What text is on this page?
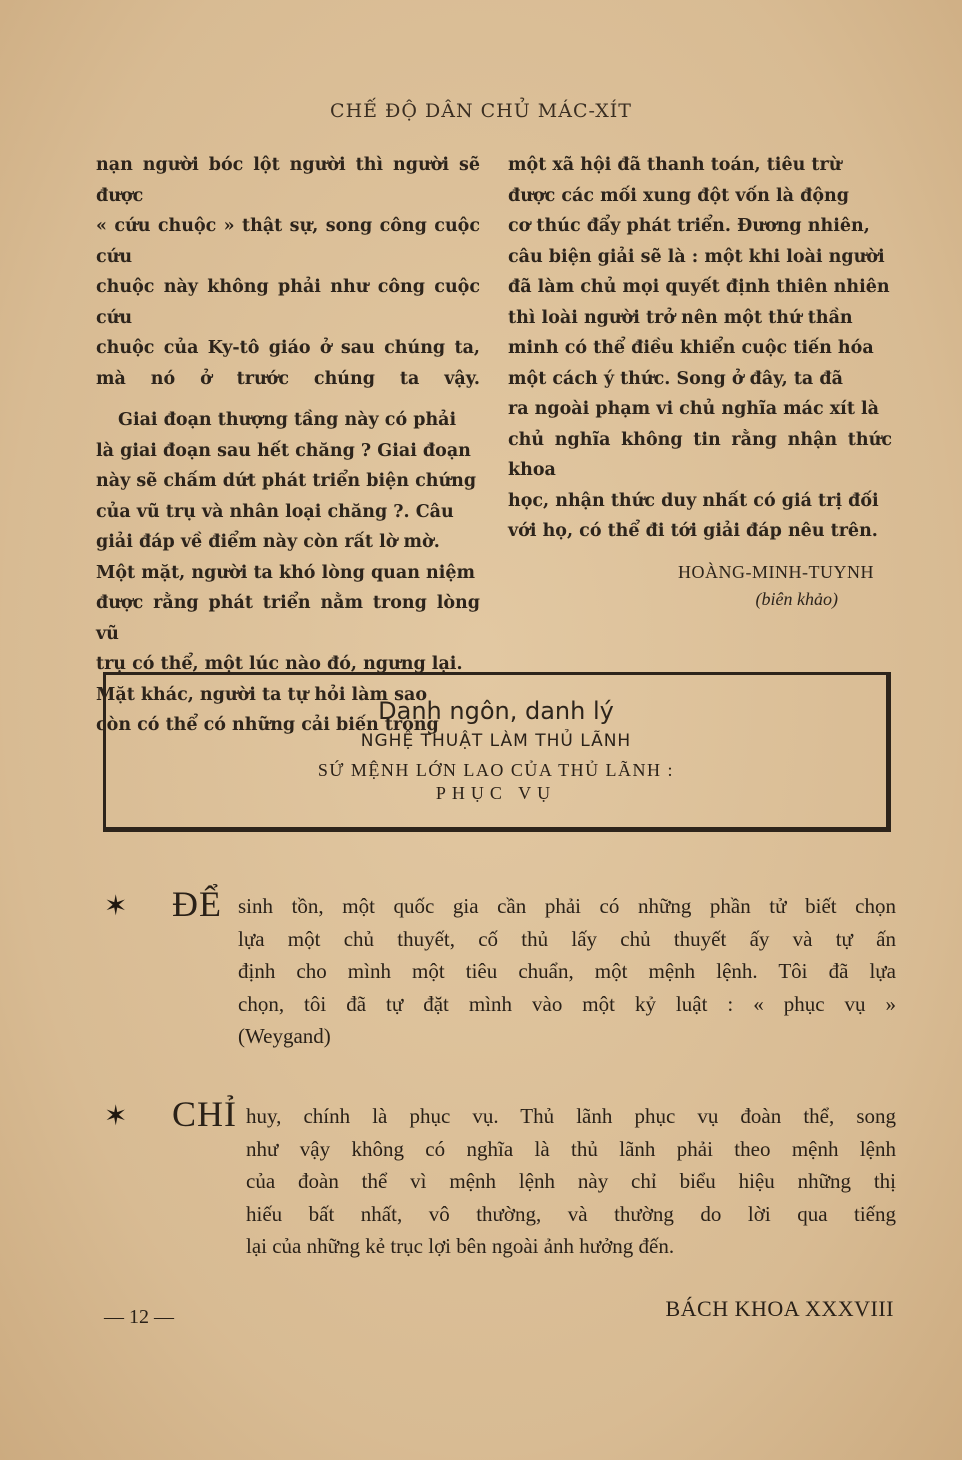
CHẾ ĐỘ DÂN CHỦ MÁC-XÍT

nạn người bóc lột người thì người sẽ được
« cứu chuộc » thật sự, song công cuộc cứu
chuộc này không phải như công cuộc cứu
chuộc của Ky-tô giáo ở sau chúng ta,
mà nó ở trước chúng ta vậy.

Giai đoạn thượng tầng này có phải
là giai đoạn sau hết chăng ? Giai đoạn
này sẽ chấm dứt phát triển biện chứng
của vũ trụ và nhân loại chăng ?. Câu
giải đáp về điểm này còn rất lờ mờ.
Một mặt, người ta khó lòng quan niệm
được rằng phát triển nằm trong lòng vũ
trụ có thể, một lúc nào đó, ngưng lại.
Mặt khác, người ta tự hỏi làm sao
còn có thể có những cải biến trong

một xã hội đã thanh toán, tiêu trừ
được các mối xung đột vốn là động
cơ thúc đẩy phát triển. Đương nhiên,
câu biện giải sẽ là : một khi loài người
đã làm chủ mọi quyết định thiên nhiên
thì loài người trở nên một thứ thần
minh có thể điều khiển cuộc tiến hóa
một cách ý thức. Song ở đây, ta đã
ra ngoài phạm vi chủ nghĩa mác xít là
chủ nghĩa không tin rằng nhận thức khoa
học, nhận thức duy nhất có giá trị đối
với họ, có thể đi tới giải đáp nêu trên.

HOÀNG-MINH-TUYNH
(biên khảo)
Danh ngôn, danh lý
NGHỆ THUẬT LÀM THỦ LÃNH
SỨ MỆNH LỚN LAO CỦA THỦ LÃNH :
PHỤC VỤ
✶ ĐỂ sinh tồn, một quốc gia cần phải có những phần tử biết chọn
lựa một chủ thuyết, cố thủ lấy chủ thuyết ấy và tự ấn
định cho mình một tiêu chuẩn, một mệnh lệnh. Tôi đã lựa
chọn, tôi đã tự đặt mình vào một kỷ luật : « phục vụ »
(Weygand)
✶ CHỈ huy, chính là phục vụ. Thủ lãnh phục vụ đoàn thể, song
như vậy không có nghĩa là thủ lãnh phải theo mệnh lệnh
của đoàn thể vì mệnh lệnh này chỉ biểu hiệu những thị
hiếu bất nhất, vô thường, và thường do lời qua tiếng
lại của những kẻ trục lợi bên ngoài ảnh hưởng đến.
— 12 —	BÁCH KHOA XXXVIII
